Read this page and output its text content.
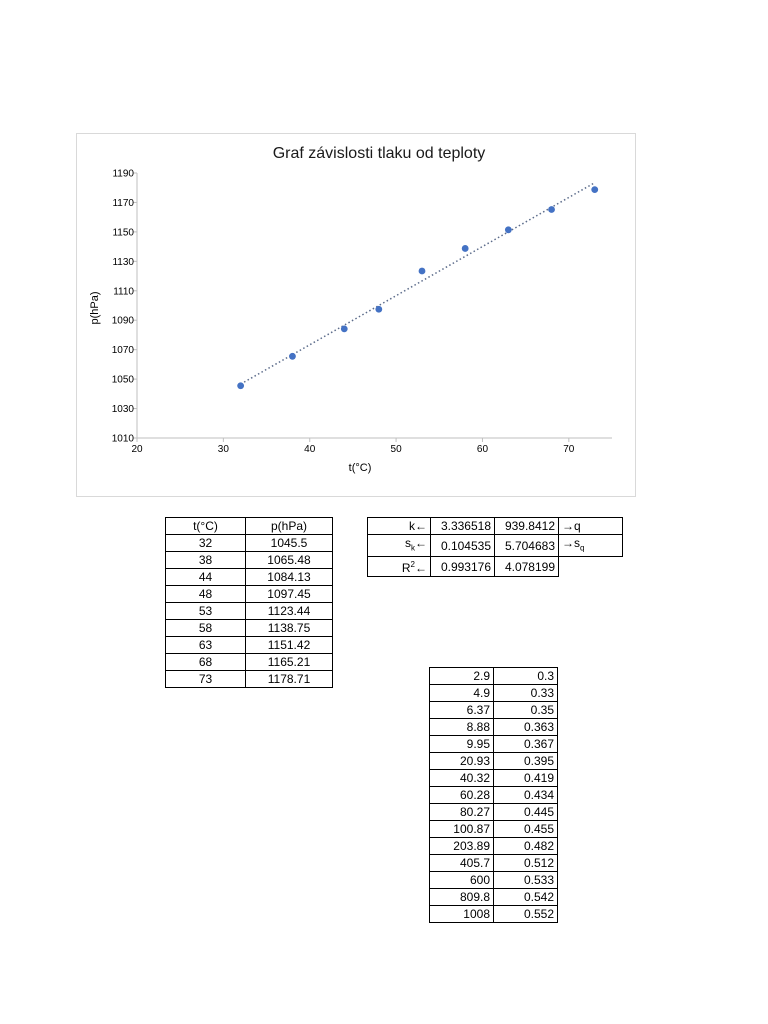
1010
1030
1050
1070
1090
1110
1130
1150
1170
1190
20	30	40	50	60	70
Graf závislosti tlaku od teploty
p(hPa)
t(°C)
t(°C)	p(hPa)
32	1045.5
38	1065.48
44	1084.13
48	1097.45
53	1123.44
58	1138.75
63	1151.42
68	1165.21
73	1178.71
k←	3.336518	939.8412	→q
$s_k\leftarrow$	0.104535	5.704683	$\to s_q$
$R^2\leftarrow$	0.993176	4.078199	
2.9	0.3
4.9	0.33
6.37	0.35
8.88	0.363
9.95	0.367
20.93	0.395
40.32	0.419
60.28	0.434
80.27	0.445
100.87	0.455
203.89	0.482
405.7	0.512
600	0.533
809.8	0.542
1008	0.552
